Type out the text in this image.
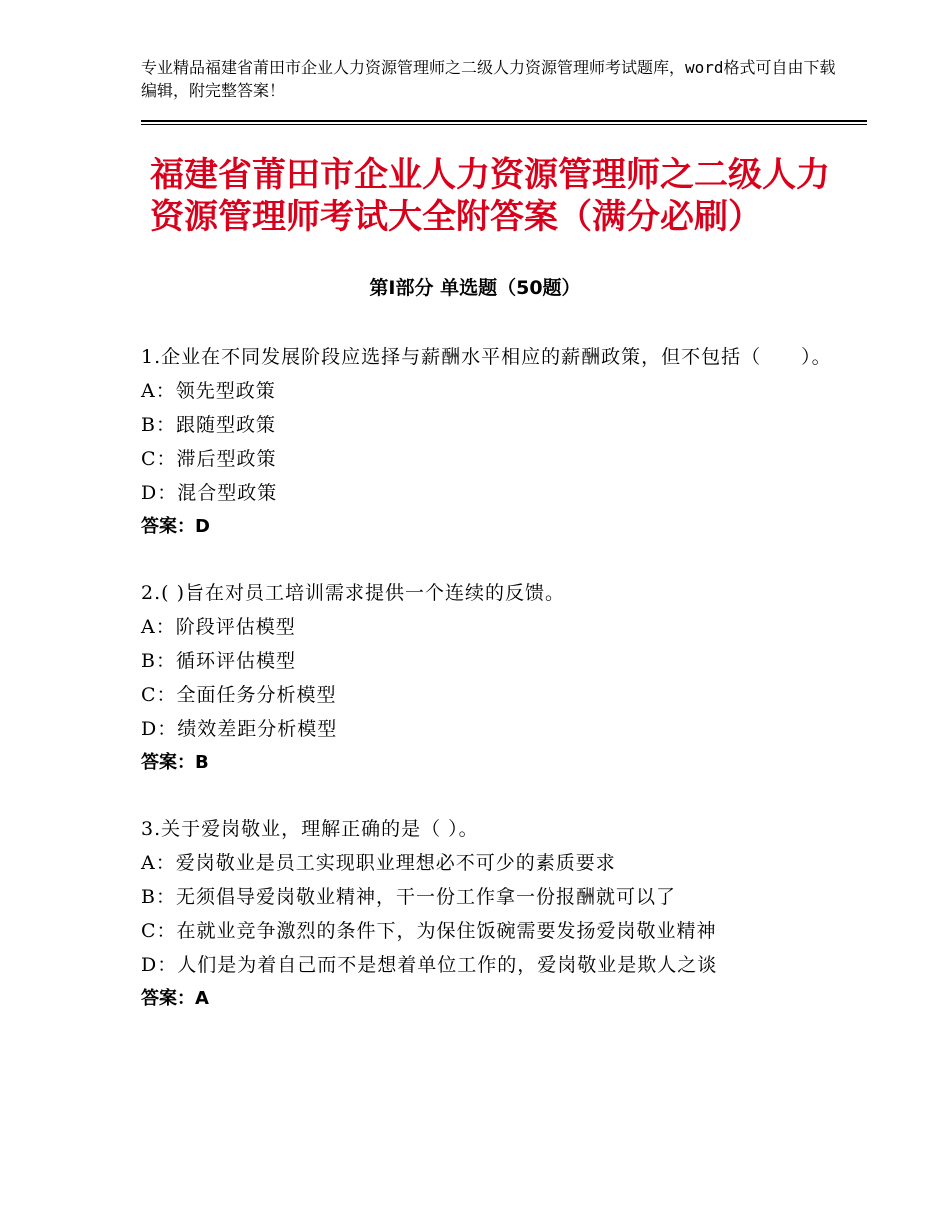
专业精品福建省莆田市企业人力资源管理师之二级人力资源管理师考试题库，word格式可自由下载编辑，附完整答案！
福建省莆田市企业人力资源管理师之二级人力资源管理师考试大全附答案（满分必刷）
第Ⅰ部分 单选题（50题）
1.企业在不同发展阶段应选择与薪酬水平相应的薪酬政策，但不包括（　　）。
A：领先型政策
B：跟随型政策
C：滞后型政策
D：混合型政策
答案：D
2.( )旨在对员工培训需求提供一个连续的反馈。
A：阶段评估模型
B：循环评估模型
C：全面任务分析模型
D：绩效差距分析模型
答案：B
3.关于爱岗敬业，理解正确的是（ ）。
A：爱岗敬业是员工实现职业理想必不可少的素质要求
B：无须倡导爱岗敬业精神，干一份工作拿一份报酬就可以了
C：在就业竞争激烈的条件下，为保住饭碗需要发扬爱岗敬业精神
D：人们是为着自己而不是想着单位工作的，爱岗敬业是欺人之谈
答案：A
